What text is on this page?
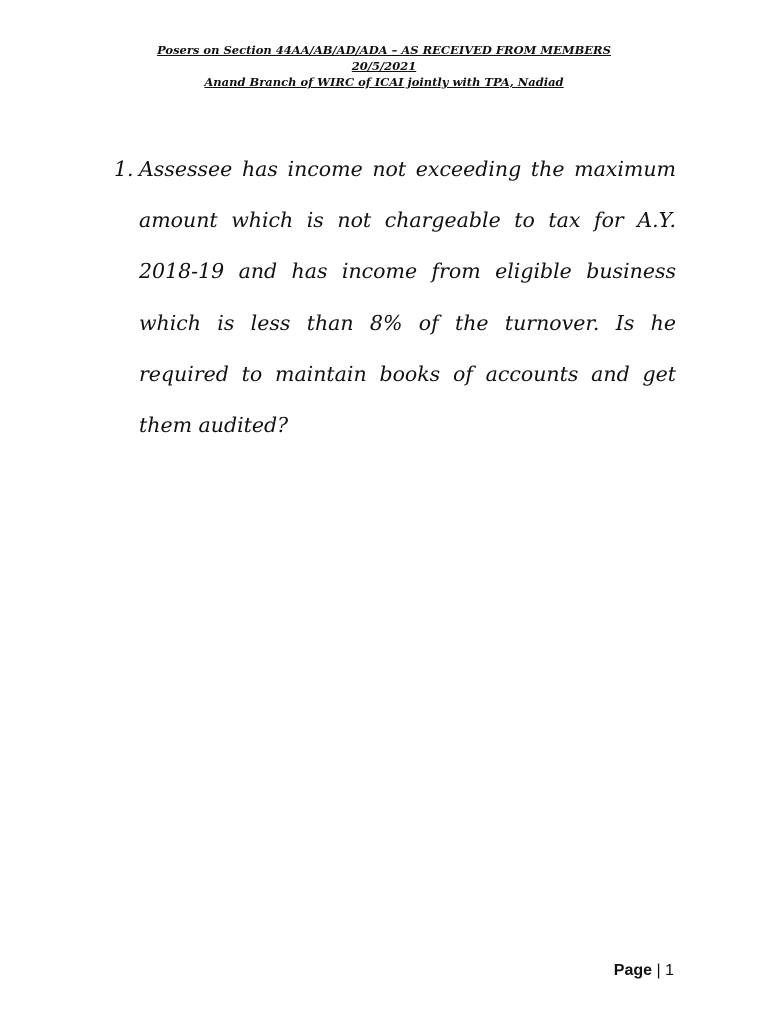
Posers on Section 44AA/AB/AD/ADA – AS RECEIVED FROM MEMBERS
20/5/2021
Anand Branch of WIRC of ICAI jointly with TPA, Nadiad
1. Assessee has income not exceeding the maximum amount which is not chargeable to tax for A.Y. 2018-19 and has income from eligible business which is less than 8% of the turnover. Is he required to maintain books of accounts and get them audited?
Page | 1
